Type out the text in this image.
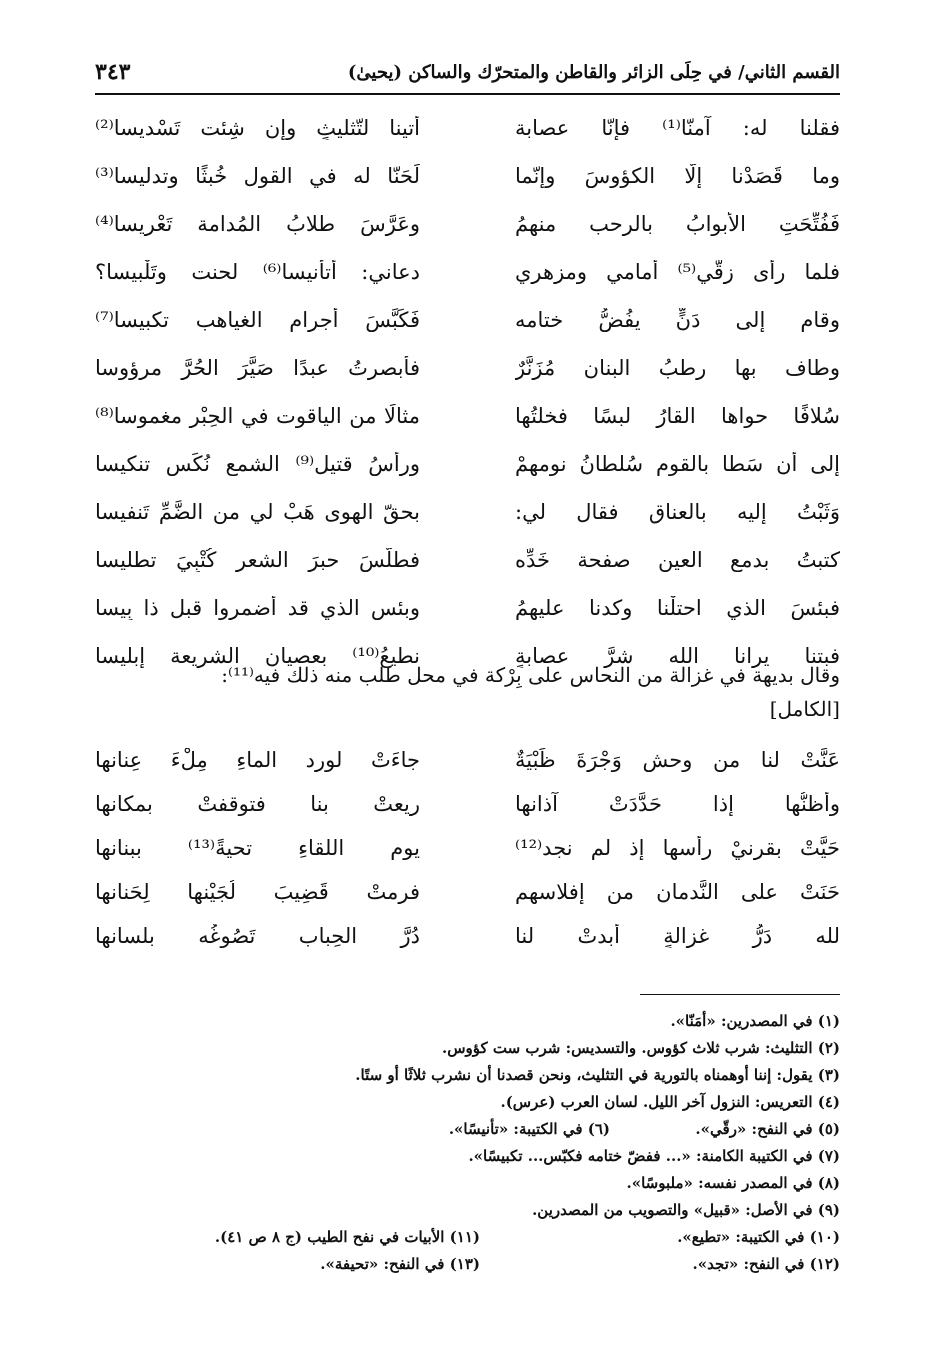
القسم الثاني/ في حِلَى الزائر والقاطن والمتحرّك والساكن (يحيىٰ)
٣٤٣
فقلنا له: آمنّا⁽¹⁾ فإنّا عصابة
أتينا لتّثليثٍ وإن شِئت تَسْديسا⁽²⁾
وما قَصَدْنا إلّا الكؤوسَ وإنّما
لَحَنّا له في القول خُبثًا وتدليسا⁽³⁾
فَفُتِّحَتِ الأبوابُ بالرحب منهمُ
وعَرَّسَ طلابُ المُدامة تَعْريسا⁽⁴⁾
فلما رأى زقّي⁽⁵⁾ أمامي ومزهري
دعاني: أتأنيسا⁽⁶⁾ لحنت وتَلْبيسا؟
وقام إلى دَنٍّ يفُضُّ ختامه
فَكَبَّسَ أجرام الغياهب تكبيسا⁽⁷⁾
وطاف بها رطبُ البنان مُزَنَّرٌ
فأبصرتُ عبدًا صَيَّرَ الحُرَّ مرؤوسا
سُلافًا حواها القارُ لبسًا فخلتُها
مثالًا من الياقوت في الحِبْر مغموسا⁽⁸⁾
إلى أن سَطا بالقوم سُلطانُ نومهمْ
ورأسُ قتيل⁽⁹⁾ الشمع نُكِّس تنكيسا
وَثَبْتُ إليه بالعناق فقال لي:
بحقّ الهوى هَبْ لي من الضَّمِّ تَنفيسا
كتبتُ بدمع العين صفحة خَدِّه
فطلّسَ حبرَ الشعر كُتْبِيَ تطليسا
فبئسَ الذي احتلْنا وكدنا عليهمُ
وبئس الذي قد أضمروا قبل ذا بِيسا
فبتنا يرانا الله شرَّ عصابةٍ
نطيعُ⁽¹⁰⁾ بعصيان الشريعة إبليسا
وقال بديهة في غزالة من النحاس على بِرْكة في محل طلب منه ذلك فيه⁽¹¹⁾:
[الكامل]
عَنَّتْ لنا من وحشِ وَجْرَةَ ظَبْيَةٌ
جاءَتْ لورد الماءِ مِلْءَ عِنانها
وأظنُّها إذا حَدَّدَتْ آذانها
رِيعتْ بنا فتوقفتْ بمكانها
حَيَّتْ بقرنيْ رأسها إذ لم نجد⁽¹²⁾
يوم اللقاءِ تحيةً⁽¹³⁾ ببنانها
حَنَتْ على النَّدمان من إفلاسهم
فرمتْ قَضِيبَ لُجَيْنها لِحَنانها
لله دَرُّ غزالةٍ أبدتْ لنا
دُرَّ الحِباب تَصُوغُه بلسانها
(١) في المصدرين: «أمَنّا».
(٢) التثليث: شرب ثلاث كؤوس. والتسديس: شرب ست كؤوس.
(٣) يقول: إننا أوهمناه بالتورية في التثليث، ونحن قصدنا أن نشرب ثلاثًا أو ستًا.
(٤) التعريس: النزول آخر الليل. لسان العرب (عرس).
(٥) في النفح: «رقّي».
(٦) في الكتيبة: «تأنيسًا».
(٧) في الكتيبة الكامنة: «... ففضّ ختامه فكبّس... تكبيسًا».
(٨) في المصدر نفسه: «ملبوسًا».
(٩) في الأصل: «قبيل» والتصويب من المصدرين.
(١٠) في الكتيبة: «تطيع».
(١١) الأبيات في نفح الطيب (ج ٨ ص ٤١).
(١٢) في النفح: «تجد».
(١٣) في النفح: «تحيفة».
